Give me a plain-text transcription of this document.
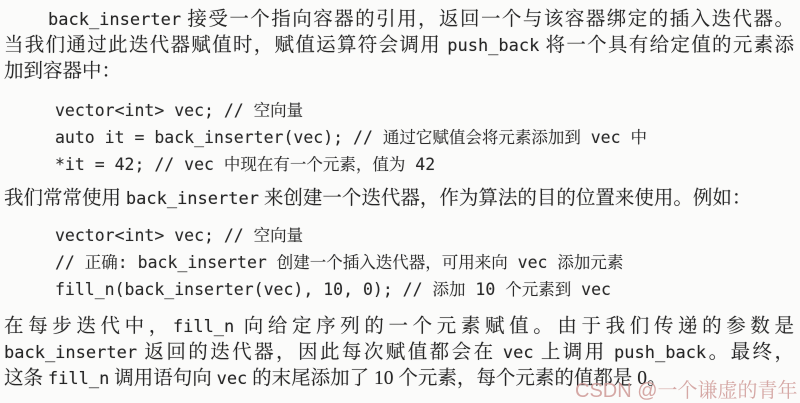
back_inserter 接受一个指向容器的引用，返回一个与该容器绑定的插入迭代器。
当我们通过此迭代器赋值时，赋值运算符会调用 push_back 将一个具有给定值的元素添
加到容器中：
vector<int> vec; // 空向量
auto it = back_inserter(vec); // 通过它赋值会将元素添加到 vec 中
*it = 42; // vec 中现在有一个元素，值为 42
我们常常使用 back_inserter 来创建一个迭代器，作为算法的目的位置来使用。例如：
vector<int> vec; // 空向量
// 正确: back_inserter 创建一个插入迭代器，可用来向 vec 添加元素
fill_n(back_inserter(vec), 10, 0); // 添加 10 个元素到 vec
在每步迭代中，fill_n 向给定序列的一个元素赋值。由于我们传递的参数是
back_inserter 返回的迭代器，因此每次赋值都会在 vec 上调用 push_back。最终，
这条 fill_n 调用语句向 vec 的末尾添加了 10 个元素，每个元素的值都是 0。
CSDN @一个谦虚的青年
